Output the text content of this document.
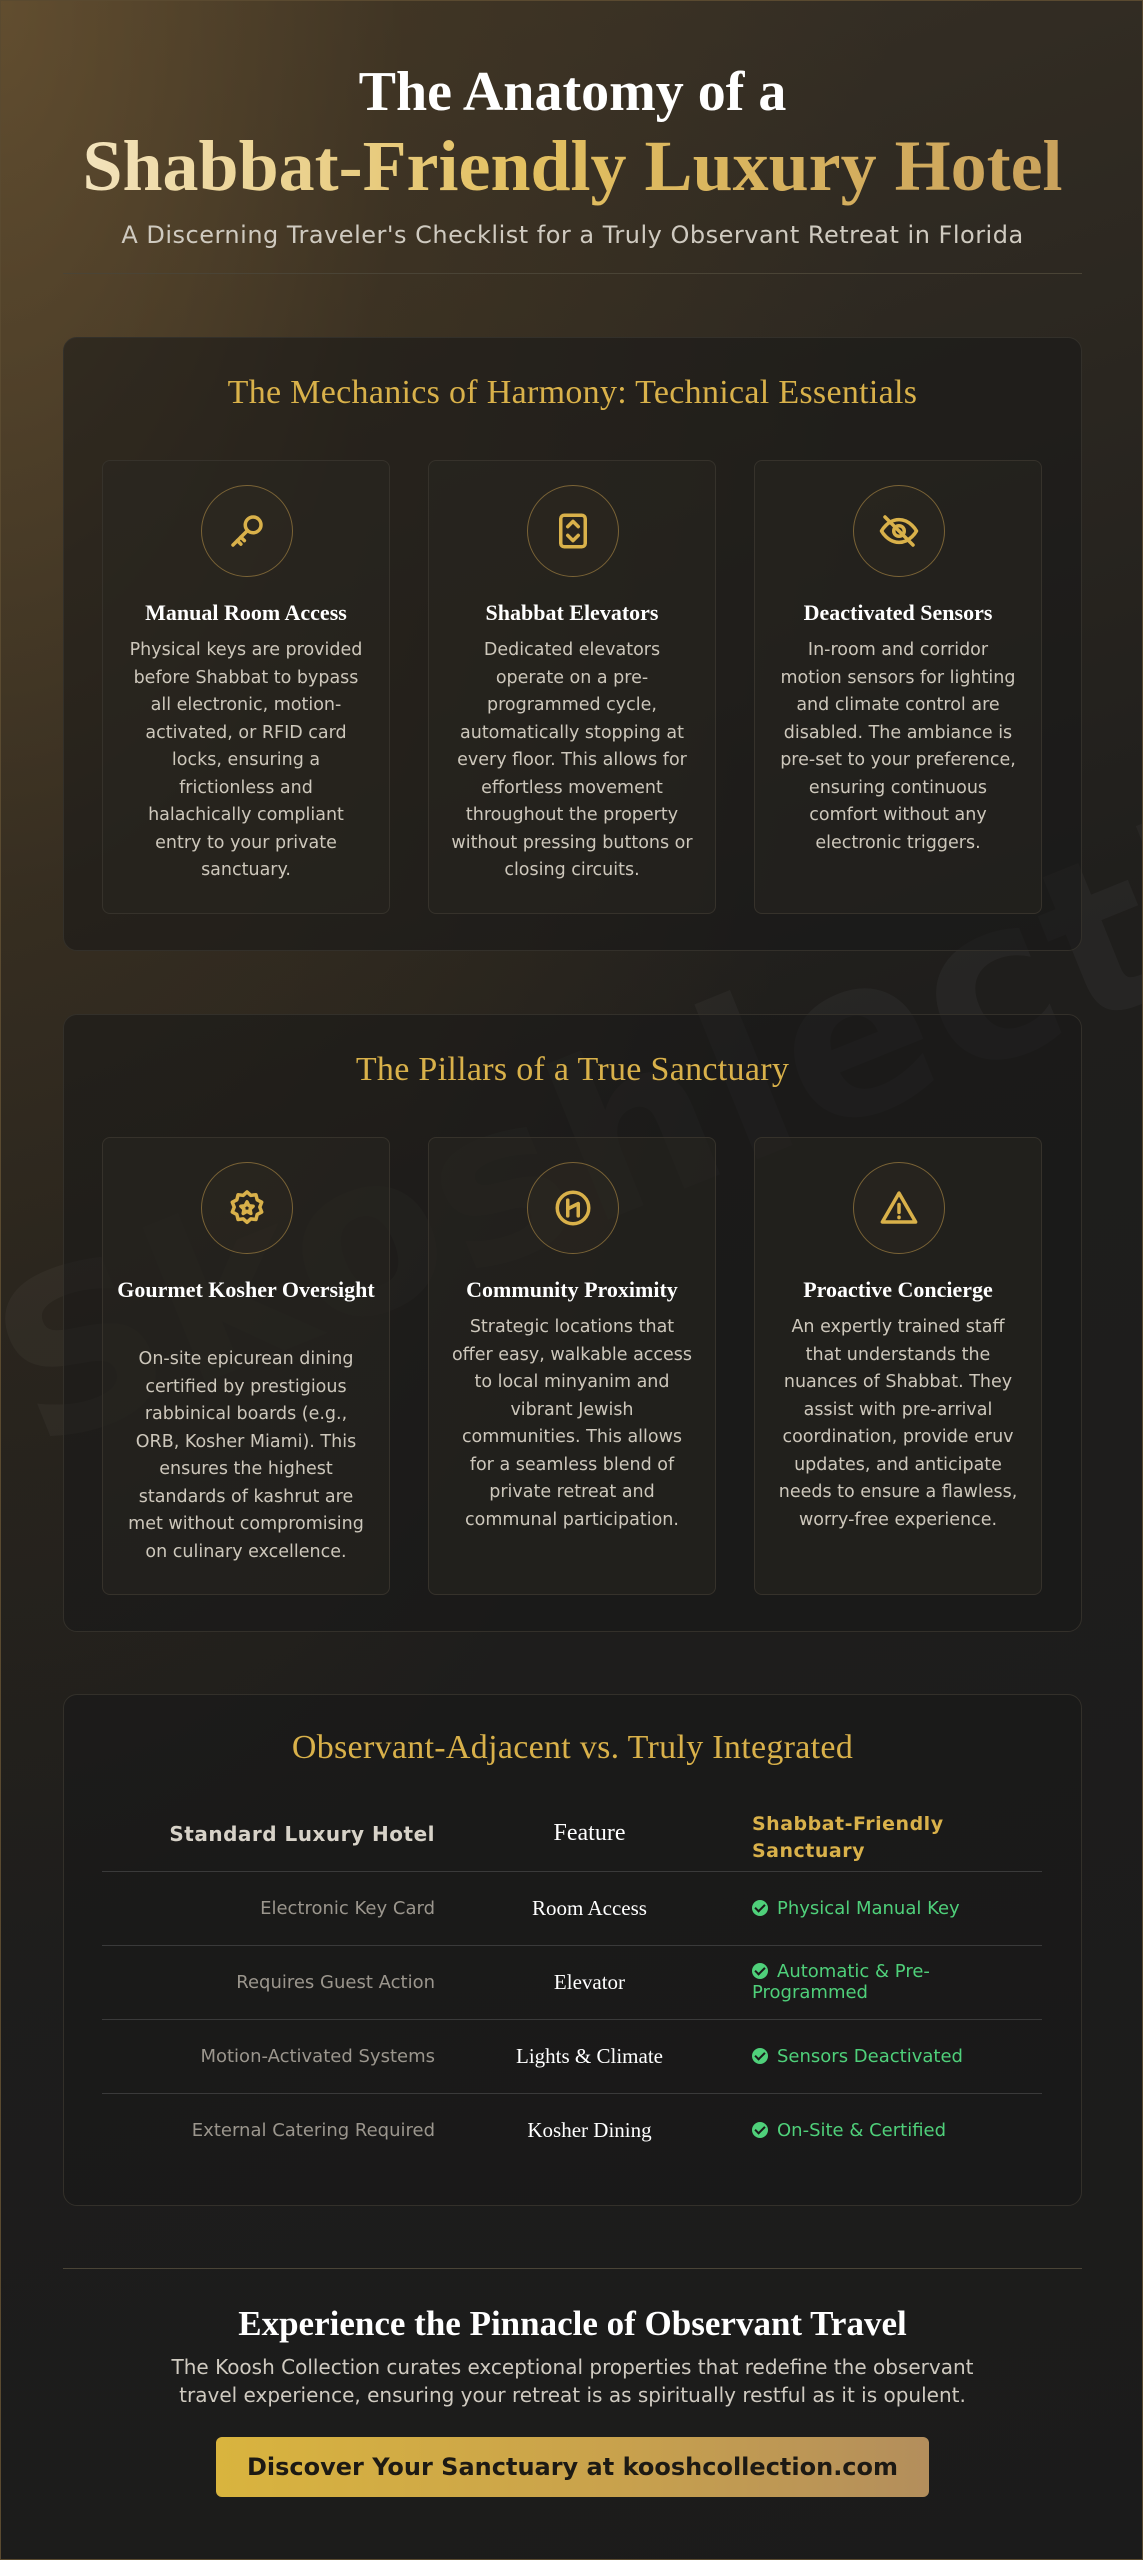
The Anatomy of a
Shabbat-Friendly Luxury Hotel
A Discerning Traveler's Checklist for a Truly Observant Retreat in Florida
The Mechanics of Harmony: Technical Essentials
Manual Room Access
Physical keys are provided before Shabbat to bypass all electronic, motion-activated, or RFID card locks, ensuring a frictionless and halachically compliant entry to your private sanctuary.
Shabbat Elevators
Dedicated elevators operate on a pre-programmed cycle, automatically stopping at every floor. This allows for effortless movement throughout the property without pressing buttons or closing circuits.
Deactivated Sensors
In-room and corridor motion sensors for lighting and climate control are disabled. The ambiance is pre-set to your preference, ensuring continuous comfort without any electronic triggers.
The Pillars of a True Sanctuary
Gourmet Kosher Oversight
On-site epicurean dining certified by prestigious rabbinical boards (e.g., ORB, Kosher Miami). This ensures the highest standards of kashrut are met without compromising on culinary excellence.
Community Proximity
Strategic locations that offer easy, walkable access to local minyanim and vibrant Jewish communities. This allows for a seamless blend of private retreat and communal participation.
Proactive Concierge
An expertly trained staff that understands the nuances of Shabbat. They assist with pre-arrival coordination, provide eruv updates, and anticipate needs to ensure a flawless, worry-free experience.
Observant-Adjacent vs. Truly Integrated
Standard Luxury Hotel	Feature	Shabbat-Friendly Sanctuary
Electronic Key Card	Room Access	Physical Manual Key
Requires Guest Action	Elevator	Automatic & Pre-Programmed
Motion-Activated Systems	Lights & Climate	Sensors Deactivated
External Catering Required	Kosher Dining	On-Site & Certified
Experience the Pinnacle of Observant Travel
The Koosh Collection curates exceptional properties that redefine the observant travel experience, ensuring your retreat is as spiritually restful as it is opulent.
Discover Your Sanctuary at kooshcollection.com
